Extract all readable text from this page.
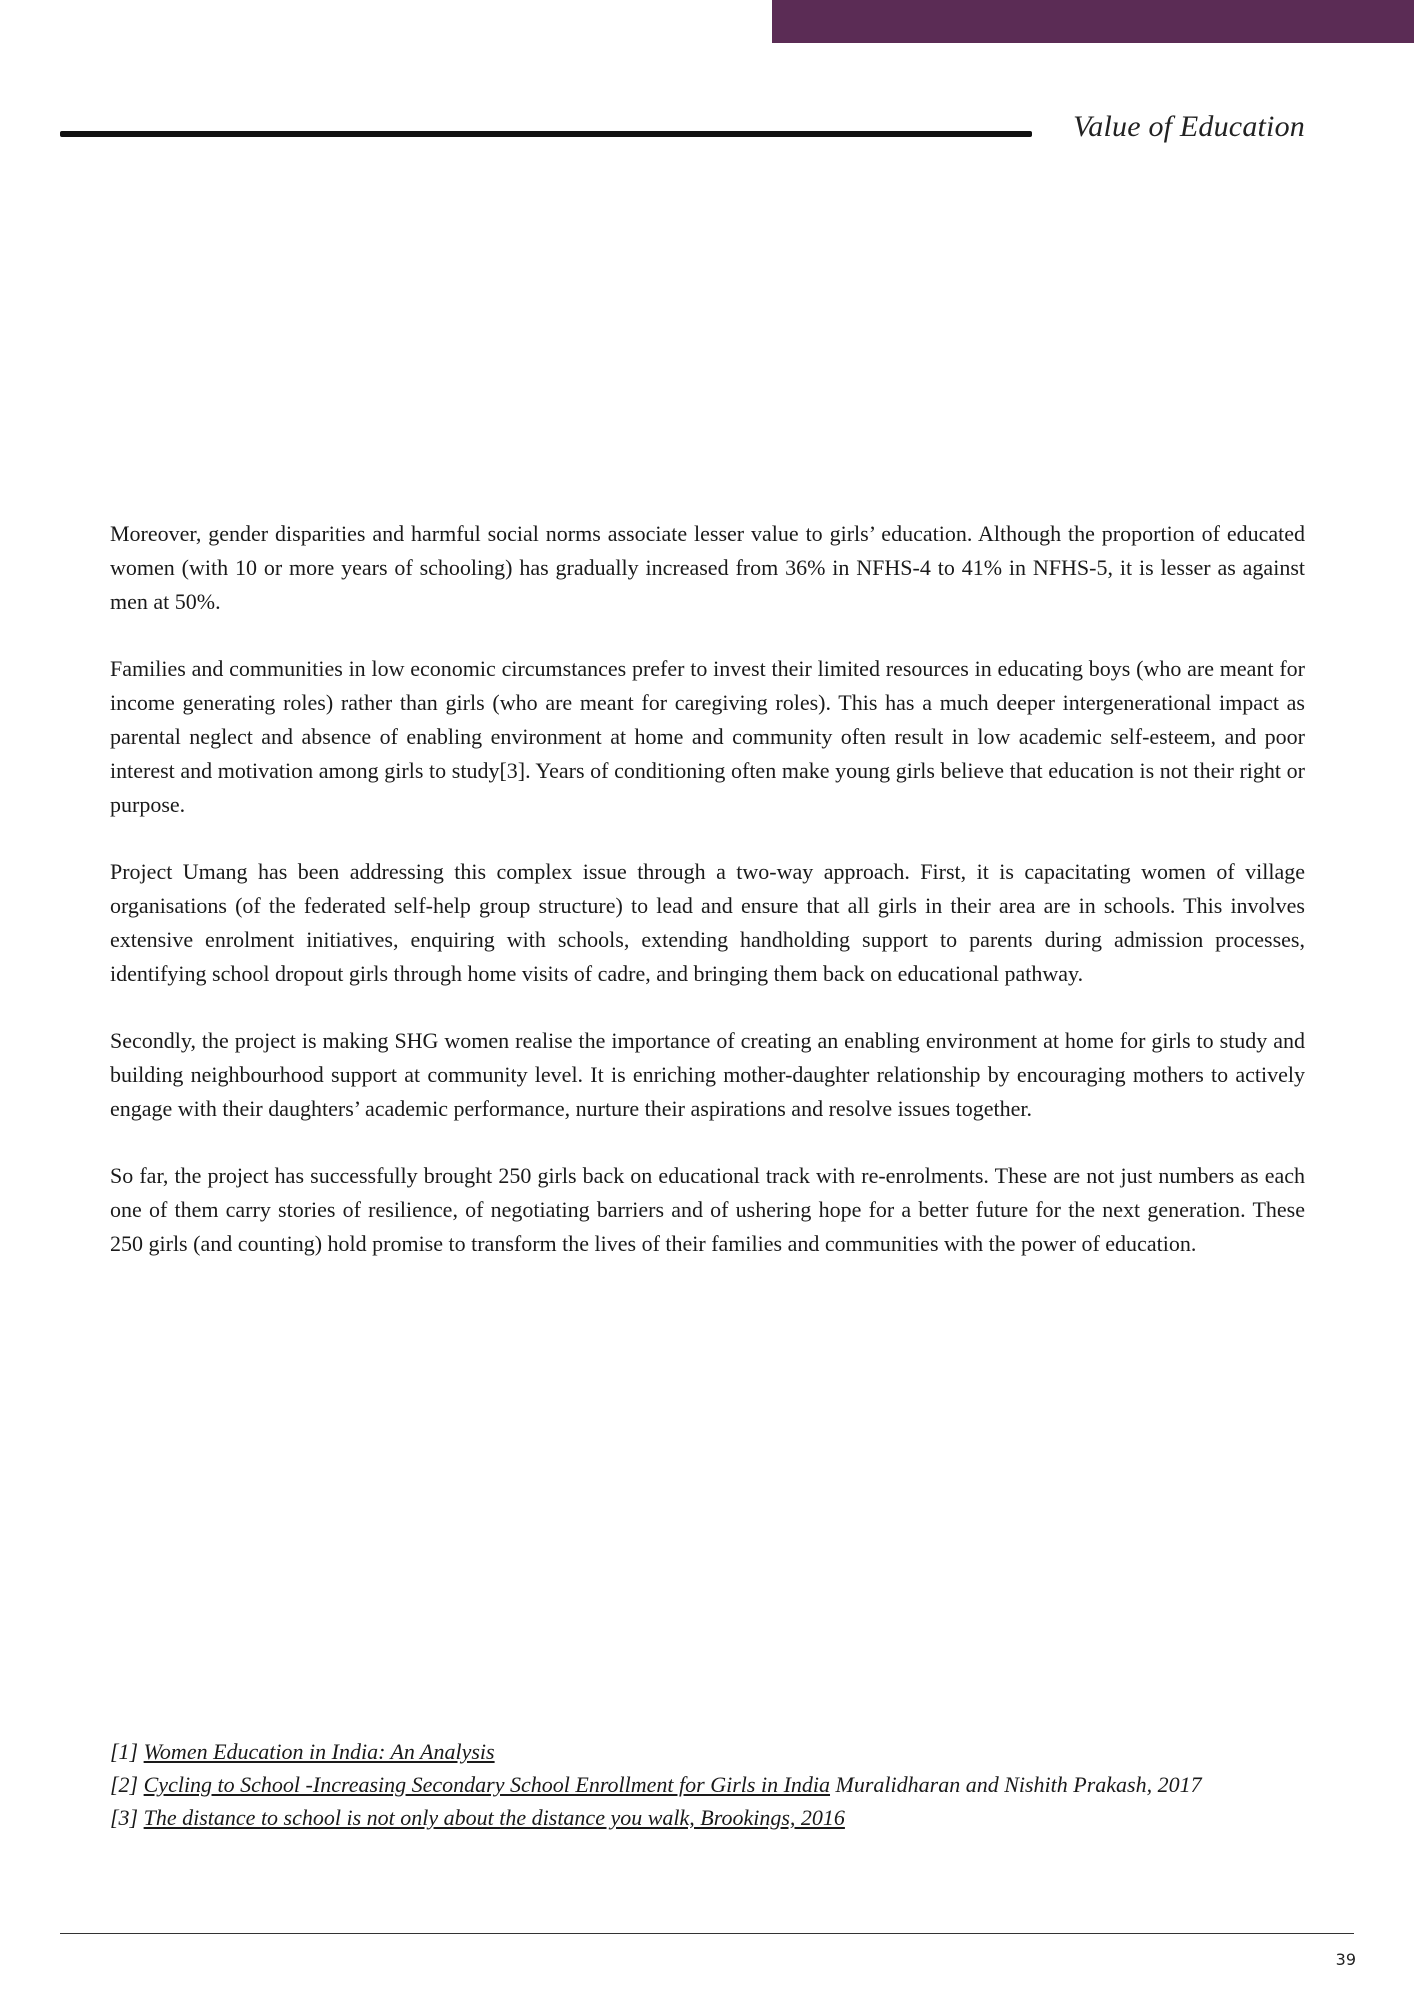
Value of Education

Moreover, gender disparities and harmful social norms associate lesser value to girls’ education. Although the proportion of educated women (with 10 or more years of schooling) has gradually increased from 36% in NFHS-4 to 41% in NFHS-5, it is lesser as against men at 50%.

Families and communities in low economic circumstances prefer to invest their limited resources in educating boys (who are meant for income generating roles) rather than girls (who are meant for caregiving roles). This has a much deeper intergenerational impact as parental neglect and absence of enabling environment at home and community often result in low academic self-esteem, and poor interest and motivation among girls to study[3]. Years of conditioning often make young girls believe that education is not their right or purpose.

Project Umang has been addressing this complex issue through a two-way approach. First, it is capacitating women of village organisations (of the federated self-help group structure) to lead and ensure that all girls in their area are in schools. This involves extensive enrolment initiatives, enquiring with schools, extending handholding support to parents during admission processes, identifying school dropout girls through home visits of cadre, and bringing them back on educational pathway.

Secondly, the project is making SHG women realise the importance of creating an enabling environment at home for girls to study and building neighbourhood support at community level. It is enriching mother-daughter relationship by encouraging mothers to actively engage with their daughters’ academic performance, nurture their aspirations and resolve issues together.

So far, the project has successfully brought 250 girls back on educational track with re-enrolments. These are not just numbers as each one of them carry stories of resilience, of negotiating barriers and of ushering hope for a better future for the next generation. These 250 girls (and counting) hold promise to transform the lives of their families and communities with the power of education.

[1] Women Education in India: An Analysis

[2] Cycling to School -Increasing Secondary School Enrollment for Girls in India Muralidharan and Nishith Prakash, 2017

[3] The distance to school is not only about the distance you walk, Brookings, 2016

39
